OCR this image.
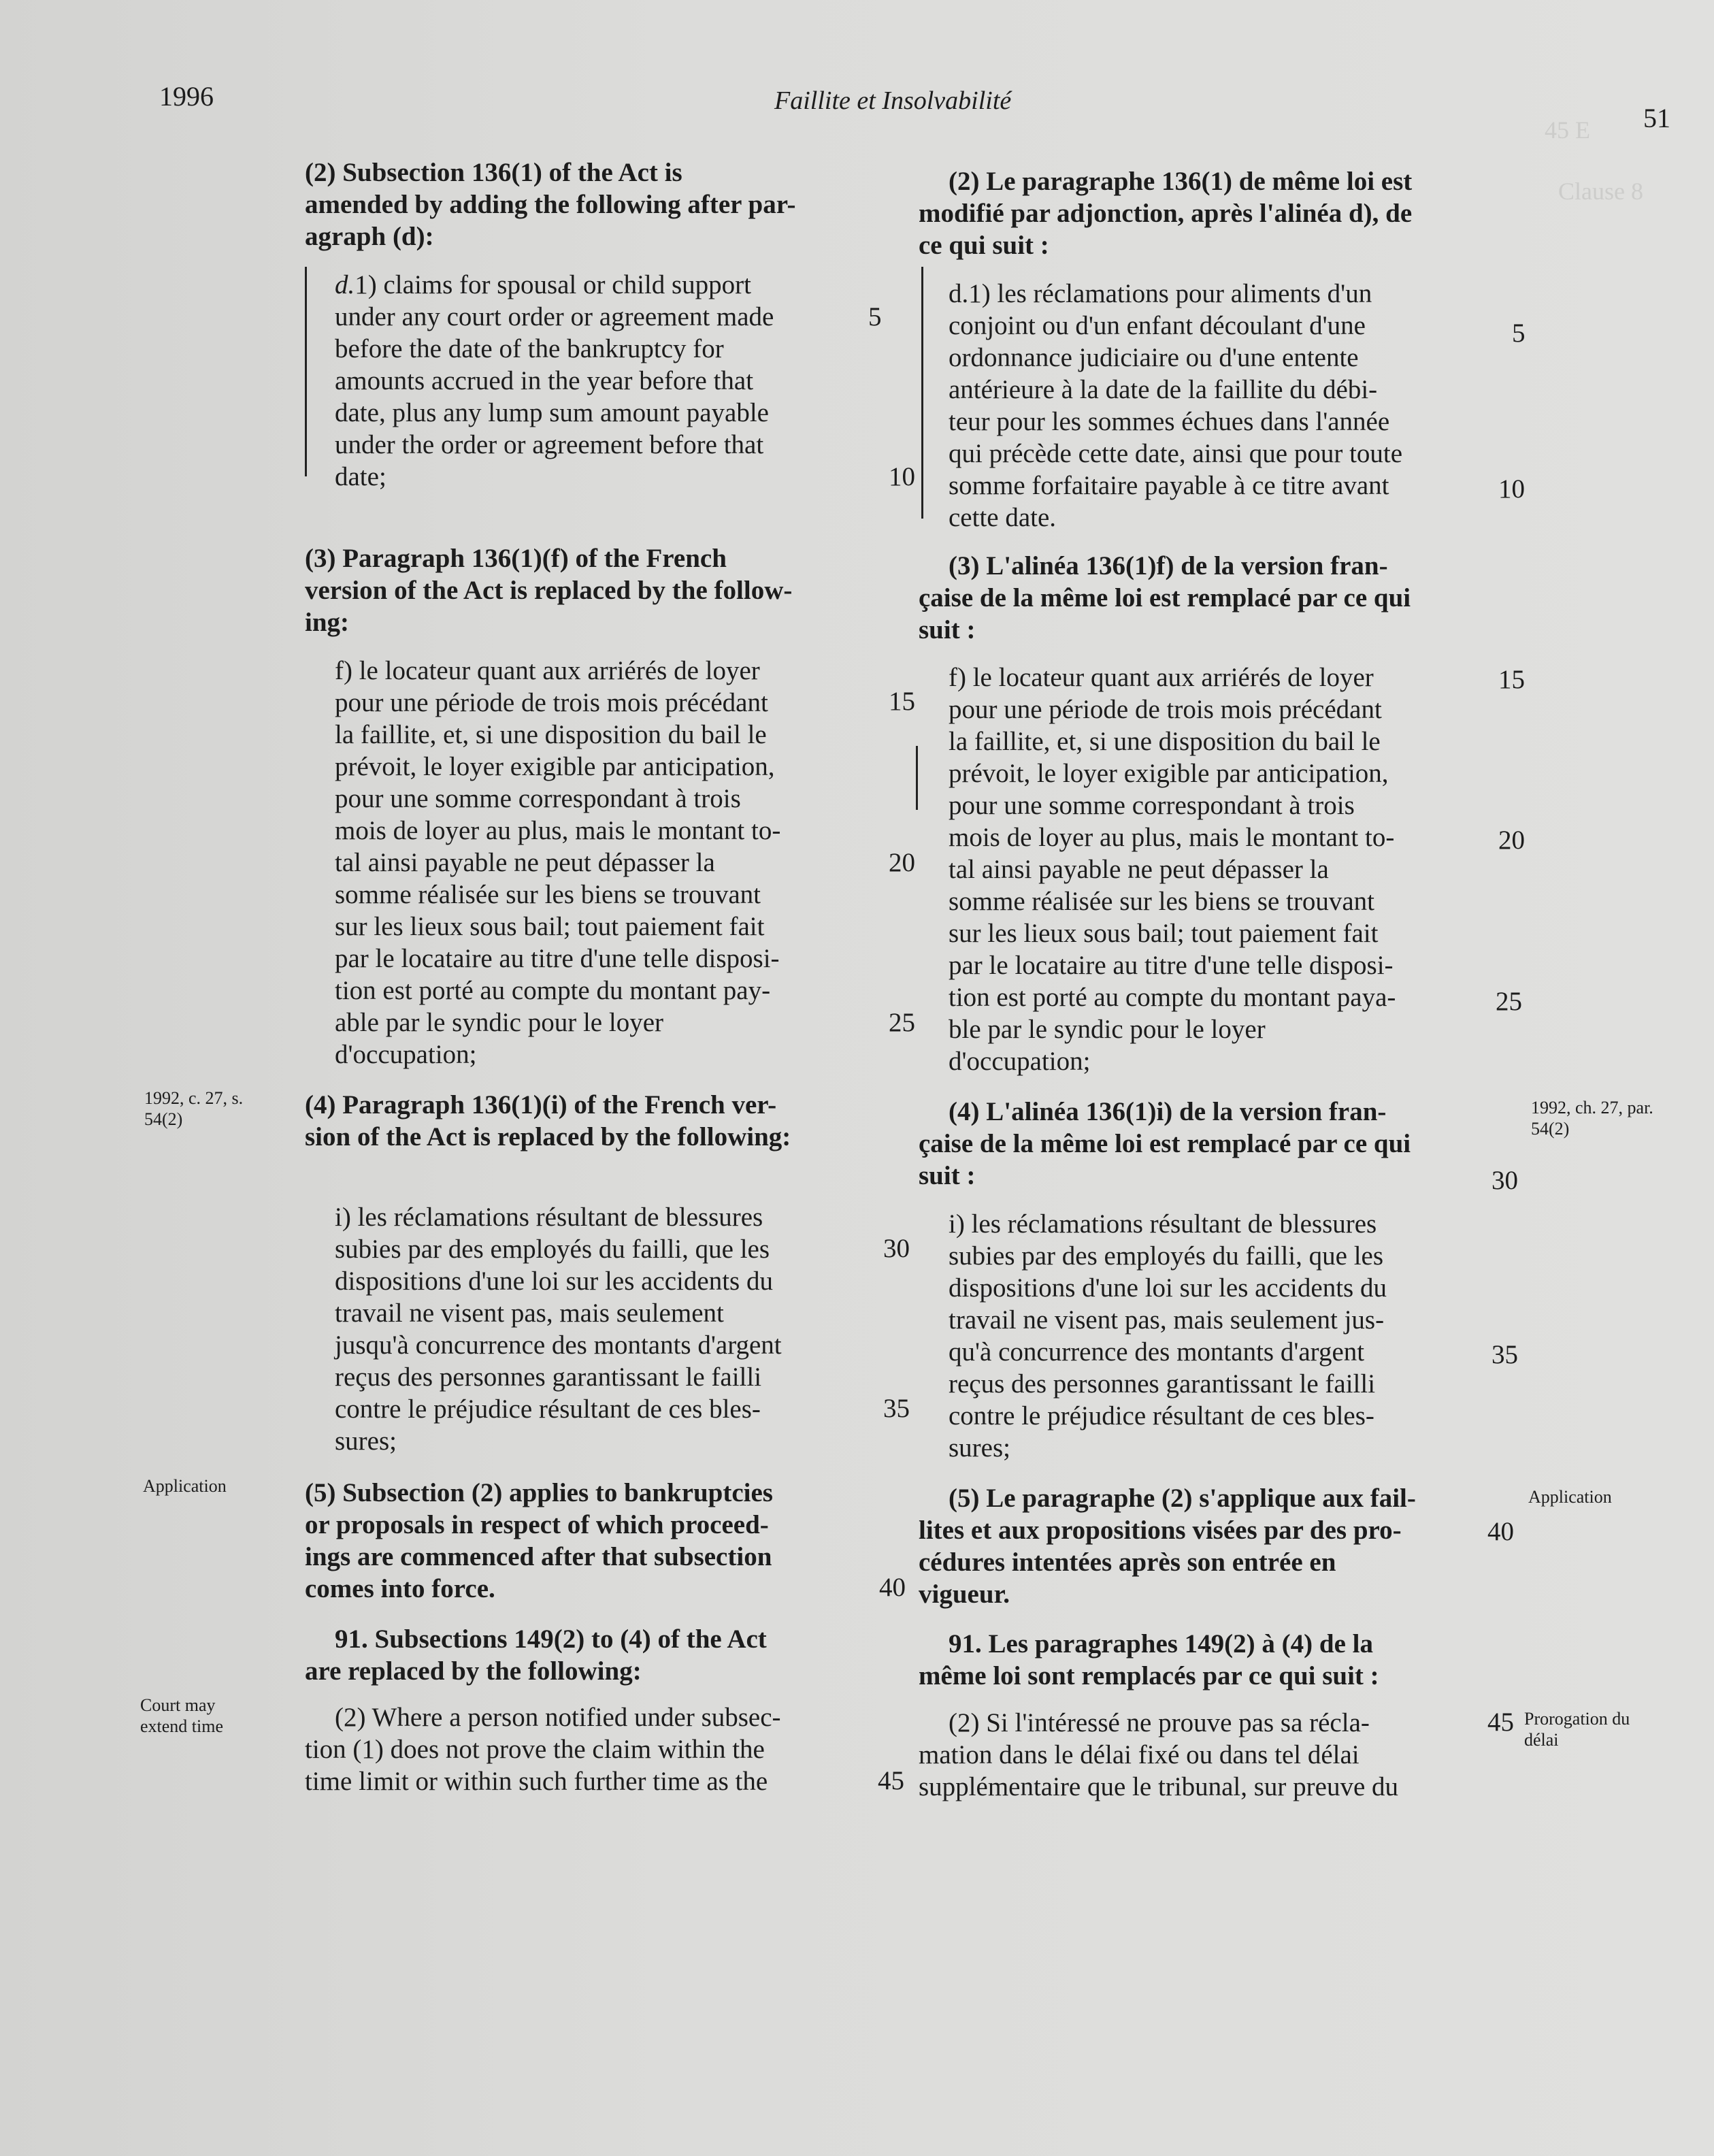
45 E
Clause 8
1996	Faillite et Insolvabilité
51
(2) Subsection 136(1) of the Act is
amended by adding the following after par-
agraph (d):
d.1) claims for spousal or child support
under any court order or agreement made
before the date of the bankruptcy for
amounts accrued in the year before that
date, plus any lump sum amount payable
under the order or agreement before that
date;
(3) Paragraph 136(1)(f) of the French
version of the Act is replaced by the follow-
ing:
f) le locateur quant aux arriérés de loyer
pour une période de trois mois précédant
la faillite, et, si une disposition du bail le
prévoit, le loyer exigible par anticipation,
pour une somme correspondant à trois
mois de loyer au plus, mais le montant to-
tal ainsi payable ne peut dépasser la
somme réalisée sur les biens se trouvant
sur les lieux sous bail; tout paiement fait
par le locataire au titre d'une telle disposi-
tion est porté au compte du montant pay-
able par le syndic pour le loyer
d'occupation;
(4) Paragraph 136(1)(i) of the French ver-
sion of the Act is replaced by the following:
i) les réclamations résultant de blessures
subies par des employés du failli, que les
dispositions d'une loi sur les accidents du
travail ne visent pas, mais seulement
jusqu'à concurrence des montants d'argent
reçus des personnes garantissant le failli
contre le préjudice résultant de ces bles-
sures;
(5) Subsection (2) applies to bankruptcies
or proposals in respect of which proceed-
ings are commenced after that subsection
comes into force.
91. Subsections 149(2) to (4) of the Act
are replaced by the following:
(2) Where a person notified under subsec-
tion (1) does not prove the claim within the
time limit or within such further time as the
1992, c. 27, s. 54(2)
Application
Court may extend time
5
10
15
20
25
30
35
40
45
(2) Le paragraphe 136(1) de même loi est
modifié par adjonction, après l'alinéa d), de
ce qui suit :
d.1) les réclamations pour aliments d'un
conjoint ou d'un enfant découlant d'une
ordonnance judiciaire ou d'une entente
antérieure à la date de la faillite du débi-
teur pour les sommes échues dans l'année
qui précède cette date, ainsi que pour toute
somme forfaitaire payable à ce titre avant
cette date.
(3) L'alinéa 136(1)f) de la version fran-
çaise de la même loi est remplacé par ce qui
suit :
f) le locateur quant aux arriérés de loyer
pour une période de trois mois précédant
la faillite, et, si une disposition du bail le
prévoit, le loyer exigible par anticipation,
pour une somme correspondant à trois
mois de loyer au plus, mais le montant to-
tal ainsi payable ne peut dépasser la
somme réalisée sur les biens se trouvant
sur les lieux sous bail; tout paiement fait
par le locataire au titre d'une telle disposi-
tion est porté au compte du montant paya-
ble par le syndic pour le loyer
d'occupation;
(4) L'alinéa 136(1)i) de la version fran-
çaise de la même loi est remplacé par ce qui
suit :
i) les réclamations résultant de blessures
subies par des employés du failli, que les
dispositions d'une loi sur les accidents du
travail ne visent pas, mais seulement jus-
qu'à concurrence des montants d'argent
reçus des personnes garantissant le failli
contre le préjudice résultant de ces bles-
sures;
(5) Le paragraphe (2) s'applique aux fail-
lites et aux propositions visées par des pro-
cédures intentées après son entrée en
vigueur.
91. Les paragraphes 149(2) à (4) de la
même loi sont remplacés par ce qui suit :
(2) Si l'intéressé ne prouve pas sa récla-
mation dans le délai fixé ou dans tel délai
supplémentaire que le tribunal, sur preuve du
5
10
15
20
25
30
35
40
45
1992, ch. 27, par. 54(2)
Application
Prorogation du délai
